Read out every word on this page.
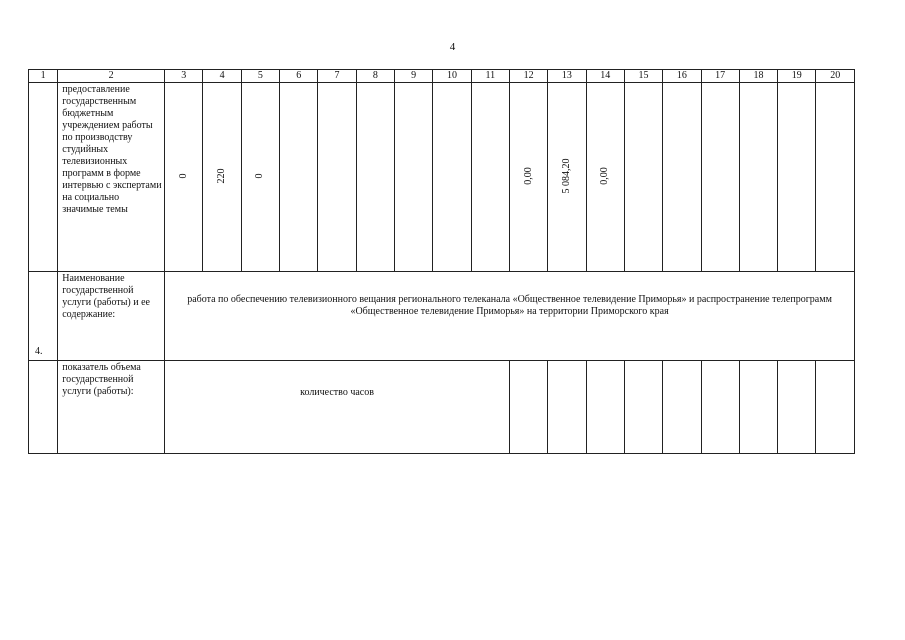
4
1	2	3	4	5	6	7	8	9	10	11	12	13	14	15	16	17	18	19	20
	предоставление государственным бюджетным учреждением работы по производству студийных телевизионных программ в форме интервью с экспертами на социально значимые темы	0	220	0							0,00	5 084,20	0,00						

4.	Наименование государственной услуги (работы) и ее содержание:	работа по обеспечению телевизионного вещания регионального телеканала «Общественное телевидение Приморья» и распространение телепрограмм «Общественное телевидение Приморья» на территории Приморского края																	
	показатель объема государственной услуги (работы):	количество часов																	
